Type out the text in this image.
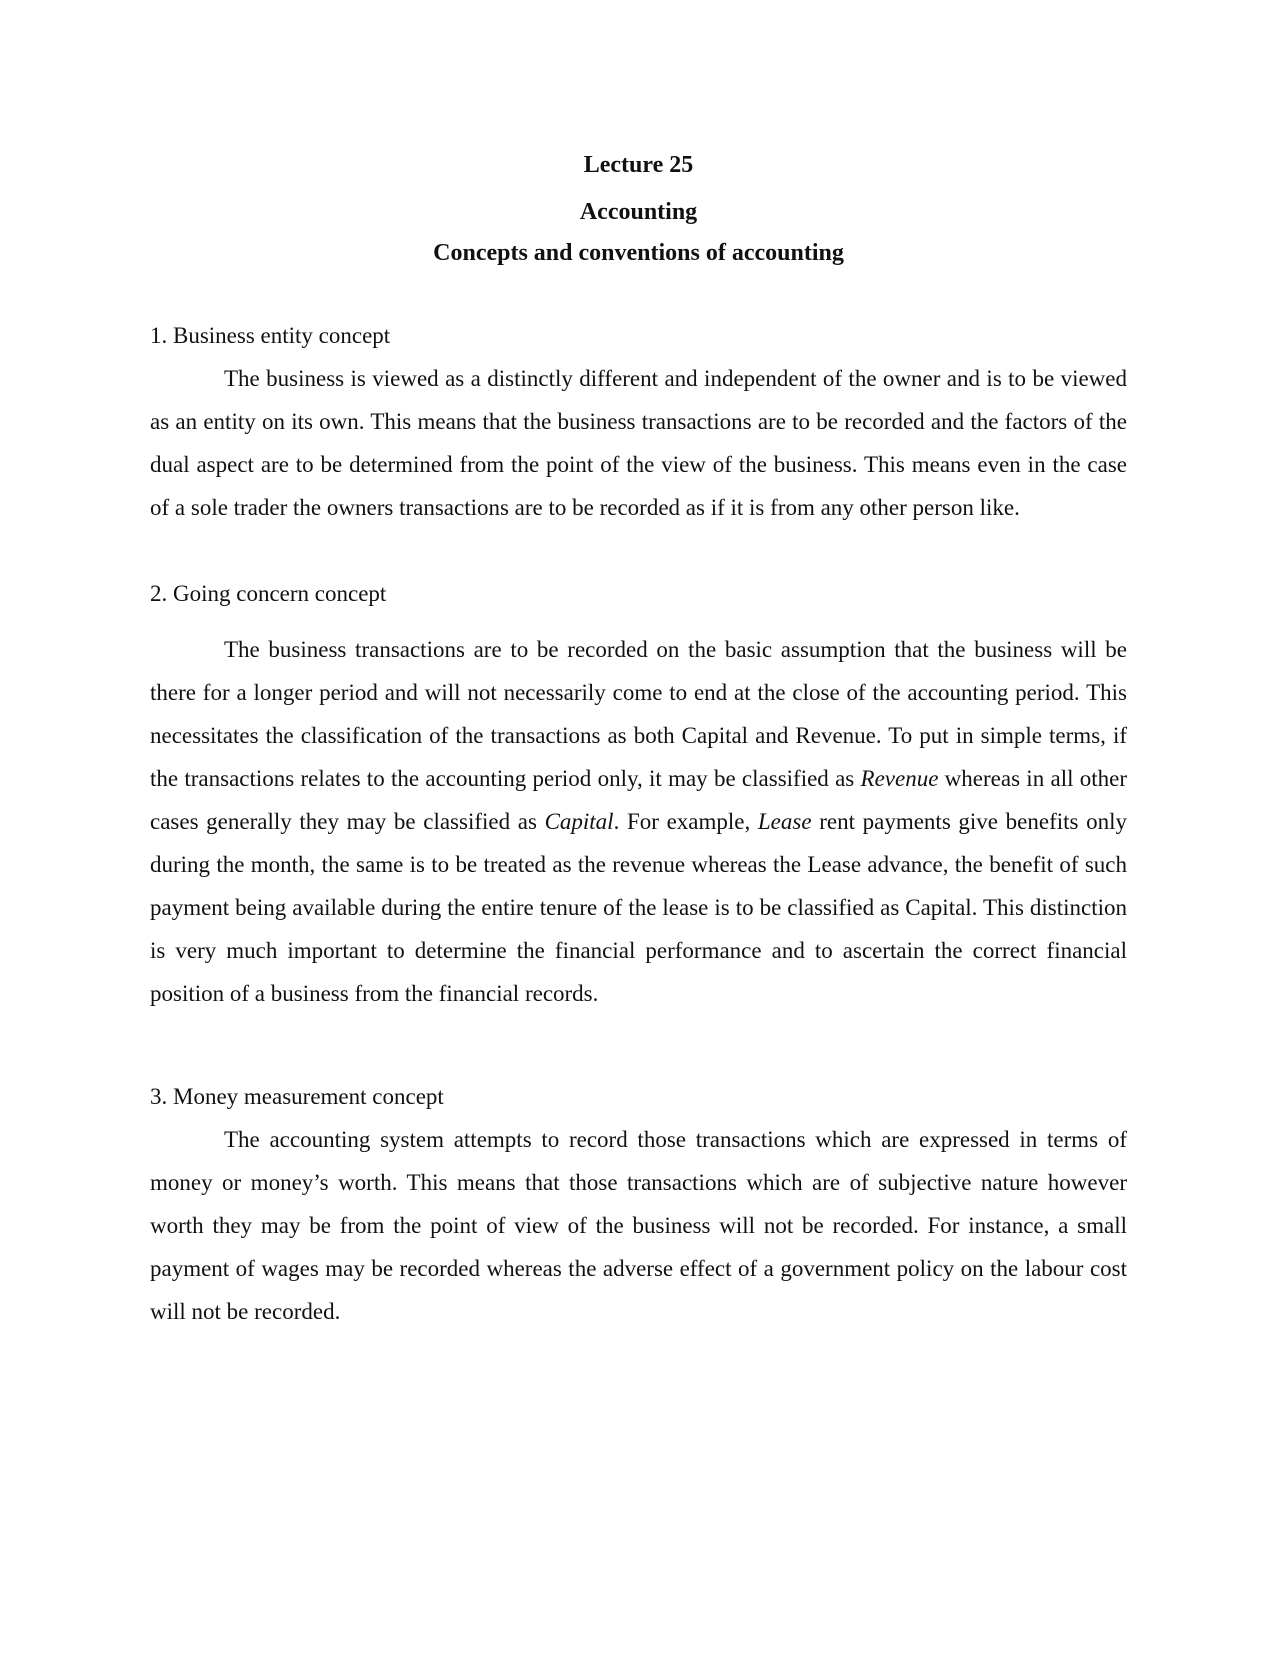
Lecture 25
Accounting
Concepts and conventions of accounting

1. Business entity concept

The business is viewed as a distinctly different and independent of the owner and is to be viewed as an entity on its own. This means that the business transactions are to be recorded and the factors of the dual aspect are to be determined from the point of the view of the business. This means even in the case of a sole trader the owners transactions are to be recorded as if it is from any other person like.

2. Going concern concept

The business transactions are to be recorded on the basic assumption that the business will be there for a longer period and will not necessarily come to end at the close of the accounting period. This necessitates the classification of the transactions as both Capital and Revenue. To put in simple terms, if the transactions relates to the accounting period only, it may be classified as Revenue whereas in all other cases generally they may be classified as Capital. For example, Lease rent payments give benefits only during the month, the same is to be treated as the revenue whereas the Lease advance, the benefit of such payment being available during the entire tenure of the lease is to be classified as Capital. This distinction is very much important to determine the financial performance and to ascertain the correct financial position of a business from the financial records.

3. Money measurement concept

The accounting system attempts to record those transactions which are expressed in terms of money or money’s worth. This means that those transactions which are of subjective nature however worth they may be from the point of view of the business will not be recorded. For instance, a small payment of wages may be recorded whereas the adverse effect of a government policy on the labour cost will not be recorded.
